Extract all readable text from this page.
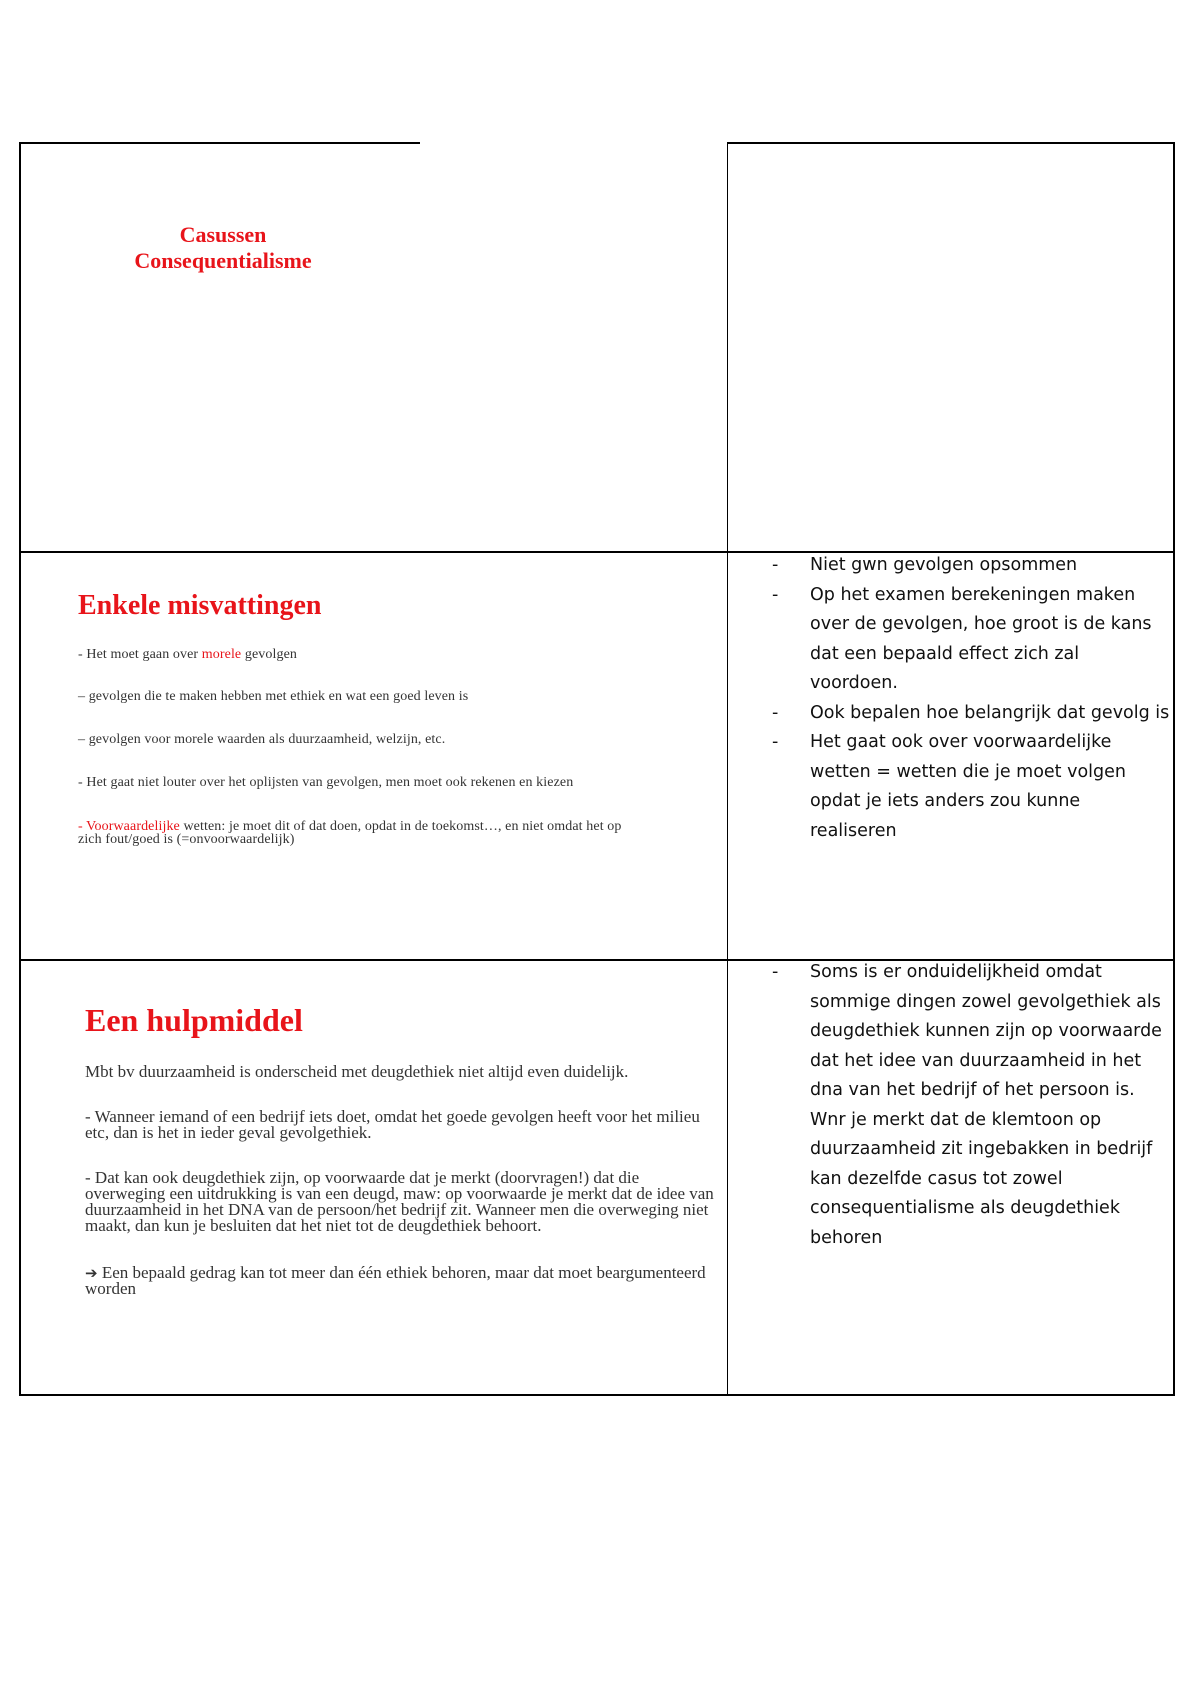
Casussen
Consequentialisme
Enkele misvattingen

- Het moet gaan over morele gevolgen

– gevolgen die te maken hebben met ethiek en wat een goed leven is

– gevolgen voor morele waarden als duurzaamheid, welzijn, etc.

- Het gaat niet louter over het oplijsten van gevolgen, men moet ook rekenen en kiezen

- Voorwaardelijke wetten: je moet dit of dat doen, opdat in de toekomst…, en niet omdat het op zich fout/goed is (=onvoorwaardelijk)

- Niet gwn gevolgen opsommen
- Op het examen berekeningen maken over de gevolgen, hoe groot is de kans dat een bepaald effect zich zal voordoen.
- Ook bepalen hoe belangrijk dat gevolg is
- Het gaat ook over voorwaardelijke wetten = wetten die je moet volgen opdat je iets anders zou kunne realiseren
Een hulpmiddel

Mbt bv duurzaamheid is onderscheid met deugdethiek niet altijd even duidelijk.

- Wanneer iemand of een bedrijf iets doet, omdat het goede gevolgen heeft voor het milieu etc, dan is het in ieder geval gevolgethiek.

- Dat kan ook deugdethiek zijn, op voorwaarde dat je merkt (doorvragen!) dat die overweging een uitdrukking is van een deugd, maw: op voorwaarde je merkt dat de idee van duurzaamheid in het DNA van de persoon/het bedrijf zit. Wanneer men die overweging niet maakt, dan kun je besluiten dat het niet tot de deugdethiek behoort.

➔ Een bepaald gedrag kan tot meer dan één ethiek behoren, maar dat moet beargumenteerd worden

- Soms is er onduidelijkheid omdat sommige dingen zowel gevolgethiek als deugdethiek kunnen zijn op voorwaarde dat het idee van duurzaamheid in het dna van het bedrijf of het persoon is. Wnr je merkt dat de klemtoon op duurzaamheid zit ingebakken in bedrijf kan dezelfde casus tot zowel consequentialisme als deugdethiek behoren
